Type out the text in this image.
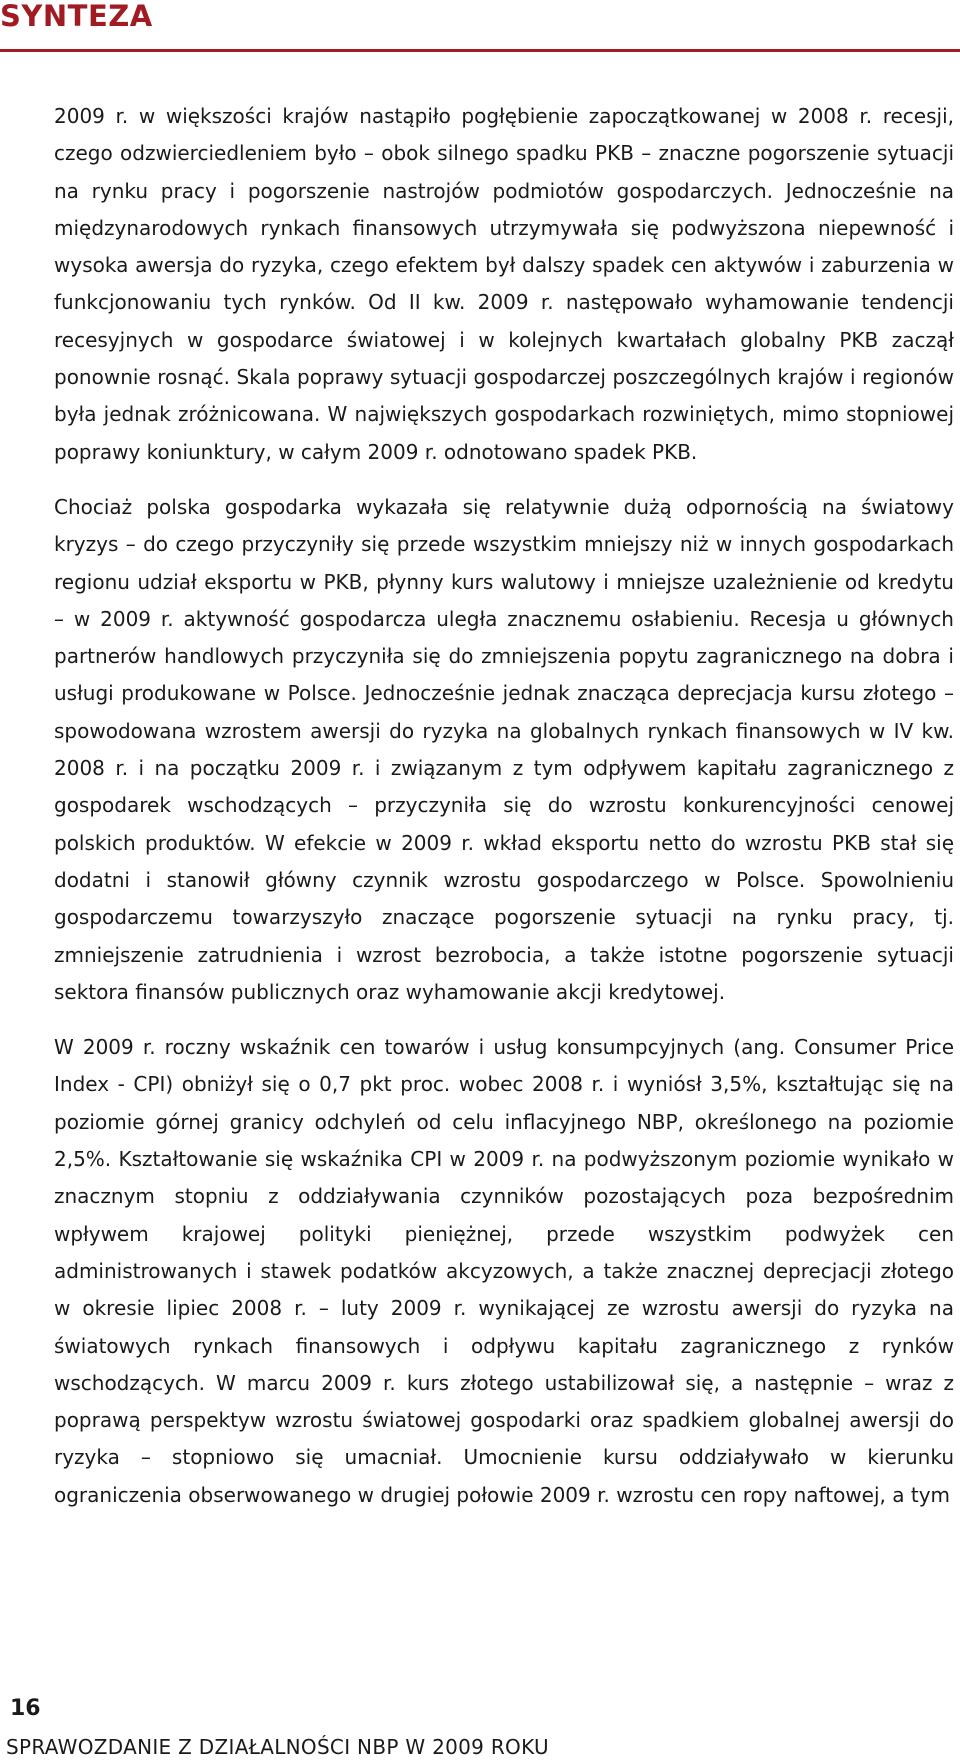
SYNTEZA

2009 r. w większości krajów nastąpiło pogłębienie zapoczątkowanej w 2008 r. recesji, czego odzwierciedleniem było – obok silnego spadku PKB – znaczne pogorszenie sytuacji na rynku pracy i pogorszenie nastrojów podmiotów gospodarczych. Jednocześnie na międzynarodowych rynkach finansowych utrzymywała się podwyższona niepewność i wysoka awersja do ryzyka, czego efektem był dalszy spadek cen aktywów i zaburzenia w funkcjonowaniu tych rynków. Od II kw. 2009 r. następowało wyhamowanie tendencji recesyjnych w gospodarce światowej i w kolejnych kwartałach globalny PKB zaczął ponownie rosnąć. Skala poprawy sytuacji gospodarczej poszczególnych krajów i regionów była jednak zróżnicowana. W największych gospodarkach rozwiniętych, mimo stopniowej poprawy koniunktury, w całym 2009 r. odnotowano spadek PKB.

Chociaż polska gospodarka wykazała się relatywnie dużą odpornością na światowy kryzys – do czego przyczyniły się przede wszystkim mniejszy niż w innych gospodarkach regionu udział eksportu w PKB, płynny kurs walutowy i mniejsze uzależnienie od kredytu – w 2009 r. aktywność gospodarcza uległa znacznemu osłabieniu. Recesja u głównych partnerów handlowych przyczyniła się do zmniejszenia popytu zagranicznego na dobra i usługi produkowane w Polsce. Jednocześnie jednak znacząca deprecjacja kursu złotego – spowodowana wzrostem awersji do ryzyka na globalnych rynkach finansowych w IV kw. 2008 r. i na początku 2009 r. i związanym z tym odpływem kapitału zagranicznego z gospodarek wschodzących – przyczyniła się do wzrostu konkurencyjności cenowej polskich produktów. W efekcie w 2009 r. wkład eksportu netto do wzrostu PKB stał się dodatni i stanowił główny czynnik wzrostu gospodarczego w Polsce. Spowolnieniu gospodarczemu towarzyszyło znaczące pogorszenie sytuacji na rynku pracy, tj. zmniejszenie zatrudnienia i wzrost bezrobocia, a także istotne pogorszenie sytuacji sektora finansów publicznych oraz wyhamowanie akcji kredytowej.

W 2009 r. roczny wskaźnik cen towarów i usług konsumpcyjnych (ang. Consumer Price Index - CPI) obniżył się o 0,7 pkt proc. wobec 2008 r. i wyniósł 3,5%, kształtując się na poziomie górnej granicy odchyleń od celu inflacyjnego NBP, określonego na poziomie 2,5%. Kształtowanie się wskaźnika CPI w 2009 r. na podwyższonym poziomie wynikało w znacznym stopniu z oddziaływania czynników pozostających poza bezpośrednim wpływem krajowej polityki pieniężnej, przede wszystkim podwyżek cen administrowanych i stawek podatków akcyzowych, a także znacznej deprecjacji złotego w okresie lipiec 2008 r. – luty 2009 r. wynikającej ze wzrostu awersji do ryzyka na światowych rynkach finansowych i odpływu kapitału zagranicznego z rynków wschodzących. W marcu 2009 r. kurs złotego ustabilizował się, a następnie – wraz z poprawą perspektyw wzrostu światowej gospodarki oraz spadkiem globalnej awersji do ryzyka – stopniowo się umacniał. Umocnienie kursu oddziaływało w kierunku ograniczenia obserwowanego w drugiej połowie 2009 r. wzrostu cen ropy naftowej, a tym

16
SPRAWOZDANIE Z DZIAŁALNOŚCI NBP W 2009 ROKU
